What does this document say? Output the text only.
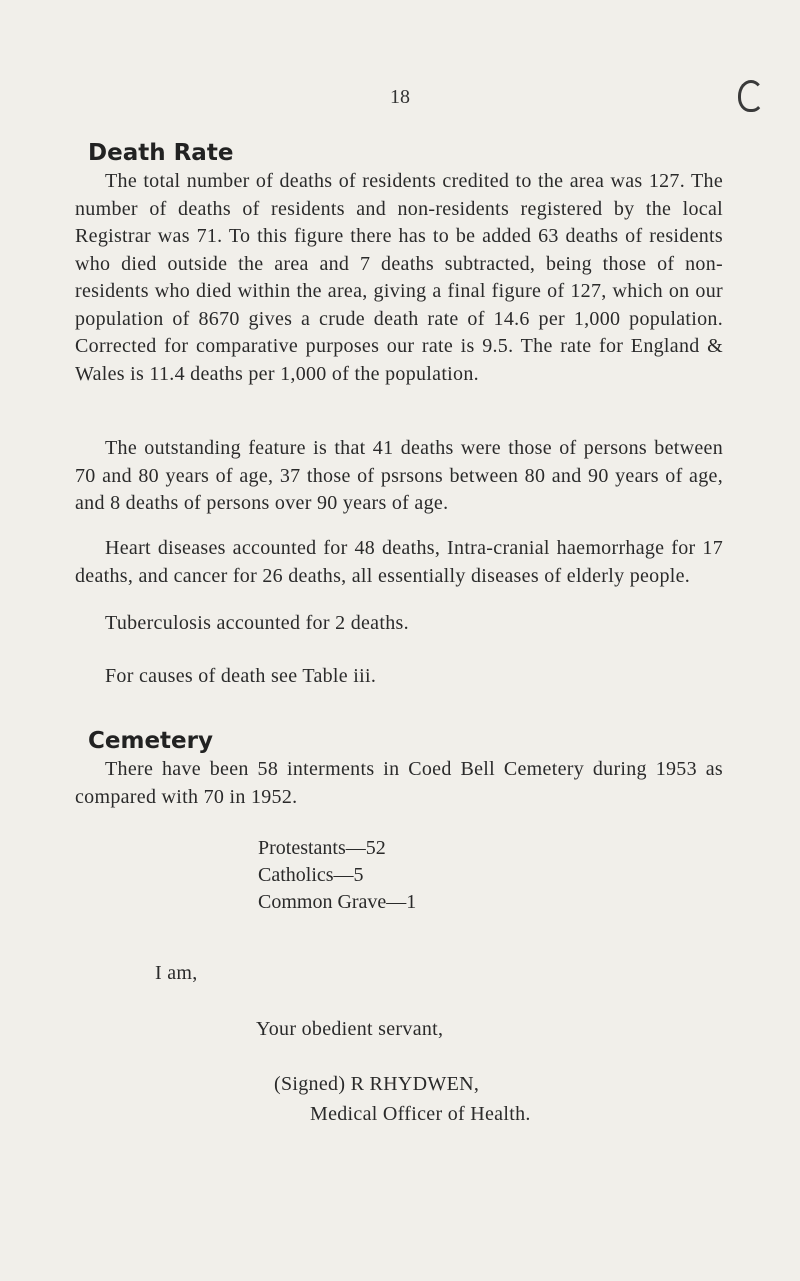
18
Death Rate

The total number of deaths of residents credited to the area was 127. The number of deaths of residents and non-residents registered by the local Registrar was 71. To this figure there has to be added 63 deaths of residents who died outside the area and 7 deaths subtracted, being those of non-residents who died within the area, giving a final figure of 127, which on our population of 8670 gives a crude death rate of 14.6 per 1,000 population. Corrected for comparative purposes our rate is 9.5. The rate for England & Wales is 11.4 deaths per 1,000 of the population.

The outstanding feature is that 41 deaths were those of persons between 70 and 80 years of age, 37 those of psrsons between 80 and 90 years of age, and 8 deaths of persons over 90 years of age.

Heart diseases accounted for 48 deaths, Intra-cranial haemorrhage for 17 deaths, and cancer for 26 deaths, all essentially diseases of elderly people.

Tuberculosis accounted for 2 deaths.

For causes of death see Table iii.

Cemetery

There have been 58 interments in Coed Bell Cemetery during 1953 as compared with 70 in 1952.

Protestants—52
Catholics—5
Common Grave—1

I am,

Your obedient servant,

(Signed) R RHYDWEN,

Medical Officer of Health.
